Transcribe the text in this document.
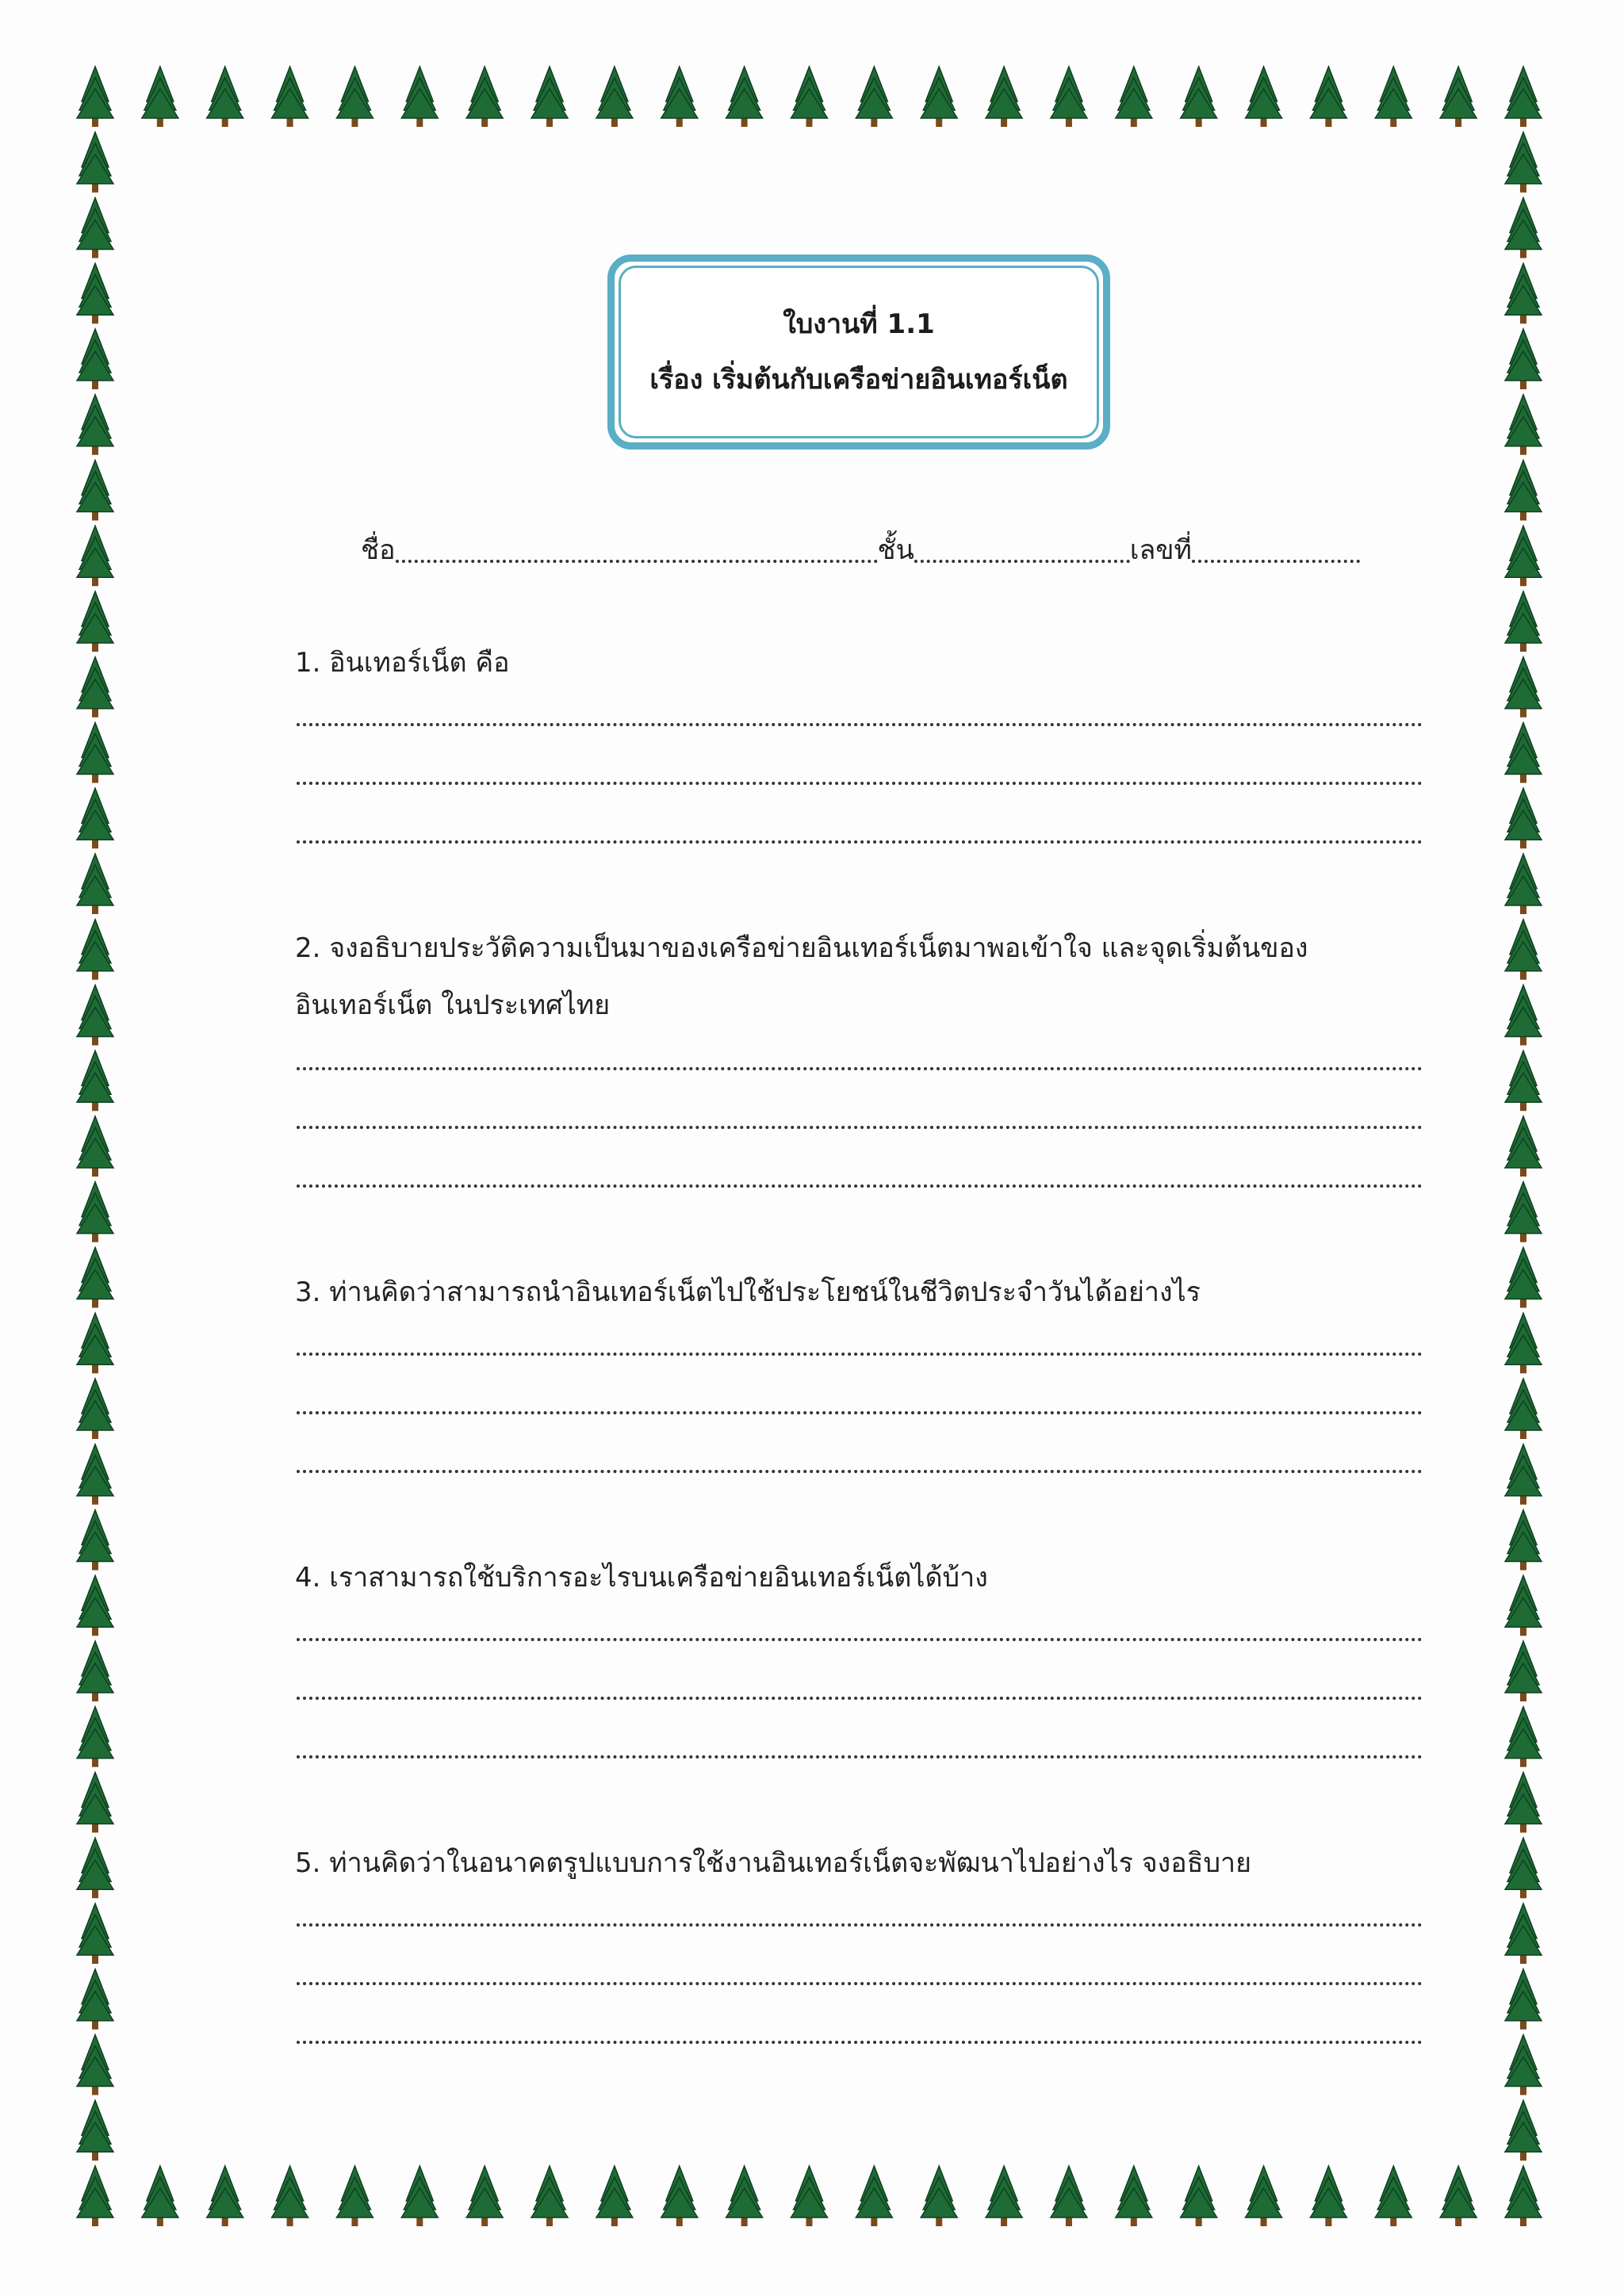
ใบงานที่ 1.1
เรื่อง เริ่มต้นกับเครือข่ายอินเทอร์เน็ต
ชื่อ	ชั้น	เลขที่
1. อินเทอร์เน็ต คือ
2. จงอธิบายประวัติความเป็นมาของเครือข่ายอินเทอร์เน็ตมาพอเข้าใจ และจุดเริ่มต้นของอินเทอร์เน็ต ในประเทศไทย
3. ท่านคิดว่าสามารถนำอินเทอร์เน็ตไปใช้ประโยชน์ในชีวิตประจำวันได้อย่างไร
4. เราสามารถใช้บริการอะไรบนเครือข่ายอินเทอร์เน็ตได้บ้าง
5. ท่านคิดว่าในอนาคตรูปแบบการใช้งานอินเทอร์เน็ตจะพัฒนาไปอย่างไร จงอธิบาย
